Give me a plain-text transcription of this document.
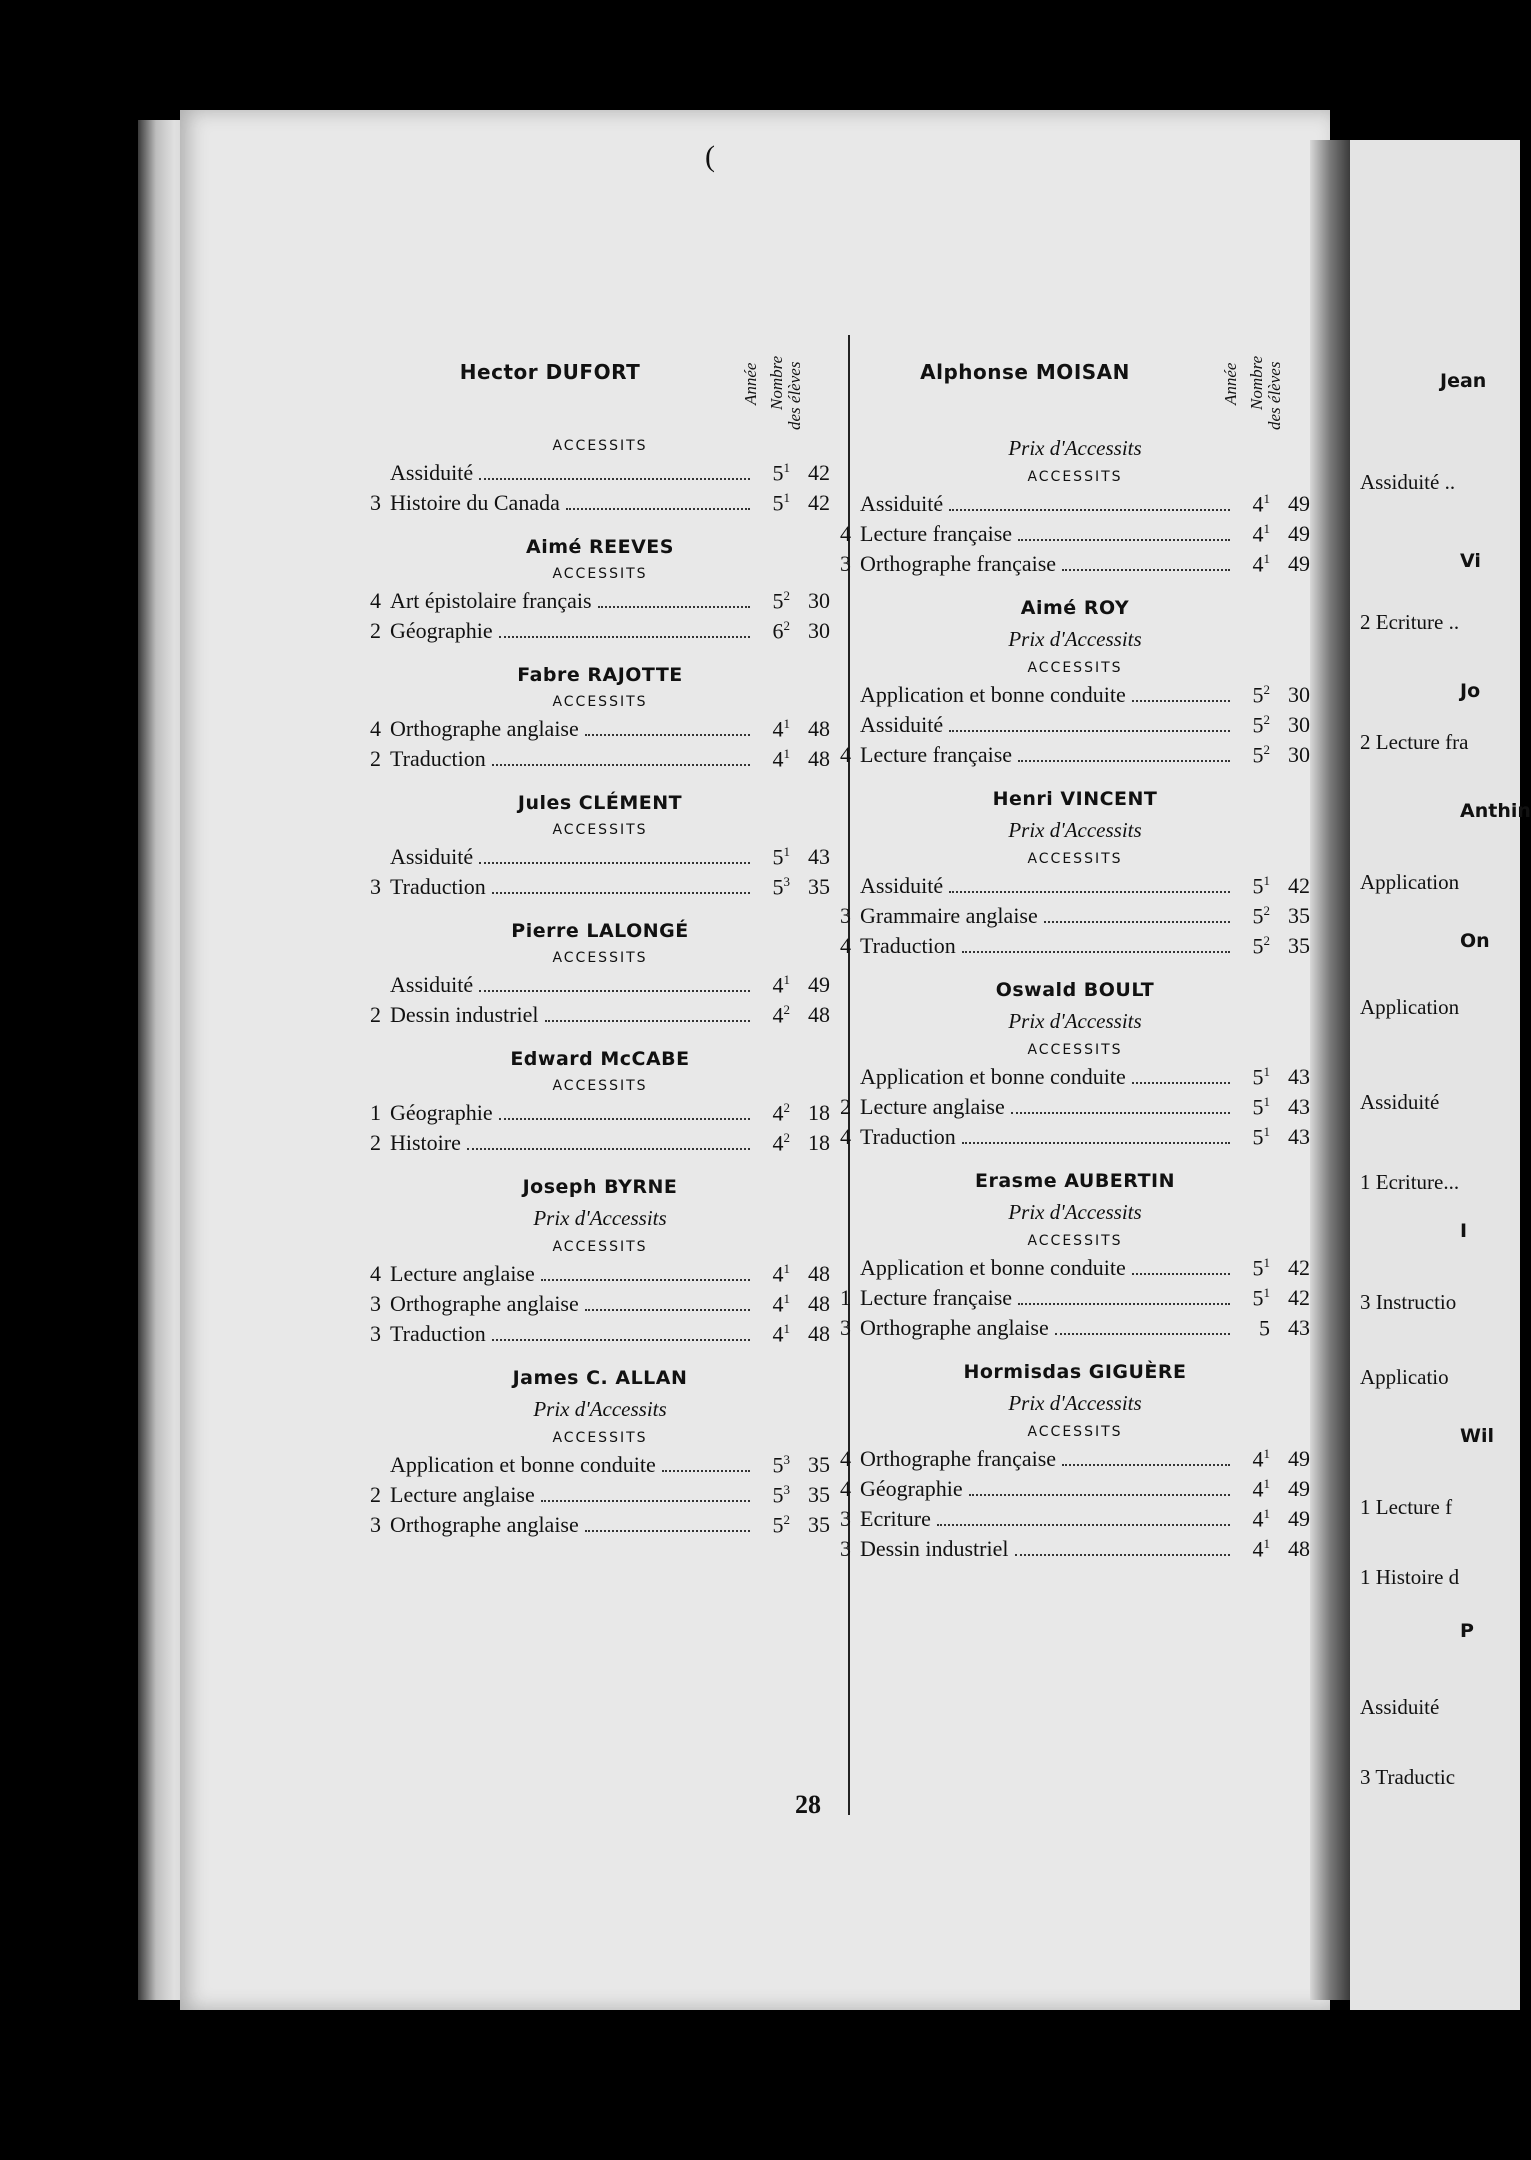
Jean
Assiduité ..
Vi
2 Ecriture ..
Jo
2 Lecture fra
Anthin
Application
On
Application
Assiduité
1 Ecriture...
I
3 Instructio
Applicatio
Wil
1 Lecture f
1 Histoire d
P
Assiduité
3 Traductic
(
Hector DUFORT	Année Nombre des élèves
ACCESSITS
Assiduité	$5^1$ 42
3 Histoire du Canada	$5^1$ 42
Aimé REEVES
ACCESSITS
4 Art épistolaire français	$5^2$ 30
2 Géographie	$6^2$ 30
Fabre RAJOTTE
ACCESSITS
4 Orthographe anglaise	$4^1$ 48
2 Traduction	$4^1$ 48
Jules CLÉMENT
ACCESSITS
Assiduité	$5^1$ 43
3 Traduction	$5^3$ 35
Pierre LALONGÉ
ACCESSITS
Assiduité	$4^1$ 49
2 Dessin industriel	$4^2$ 48
Edward McCABE
ACCESSITS
1 Géographie	$4^2$ 18
2 Histoire	$4^2$ 18
Joseph BYRNE
Prix d'Accessits
ACCESSITS
4 Lecture anglaise	$4^1$ 48
3 Orthographe anglaise	$4^1$ 48
3 Traduction	$4^1$ 48
James C. ALLAN
Prix d'Accessits
ACCESSITS
Application et bonne conduite	$5^3$ 35
2 Lecture anglaise	$5^3$ 35
3 Orthographe anglaise	$5^2$ 35
Alphonse MOISAN	Année Nombre des élèves
Prix d'Accessits
ACCESSITS
Assiduité	$4^1$ 49
4 Lecture française	$4^1$ 49
3 Orthographe française	$4^1$ 49
Aimé ROY
Prix d'Accessits
ACCESSITS
Application et bonne conduite	$5^2$ 30
Assiduité	$5^2$ 30
4 Lecture française	$5^2$ 30
Henri VINCENT
Prix d'Accessits
ACCESSITS
Assiduité	$5^1$ 42
3 Grammaire anglaise	$5^2$ 35
4 Traduction	$5^2$ 35
Oswald BOULT
Prix d'Accessits
ACCESSITS
Application et bonne conduite	$5^1$ 43
2 Lecture anglaise	$5^1$ 43
4 Traduction	$5^1$ 43
Erasme AUBERTIN
Prix d'Accessits
ACCESSITS
Application et bonne conduite	$5^1$ 42
1 Lecture française	$5^1$ 42
3 Orthographe anglaise	5 43
Hormisdas GIGUÈRE
Prix d'Accessits
ACCESSITS
4 Orthographe française	$4^1$ 49
4 Géographie	$4^1$ 49
3 Ecriture	$4^1$ 49
3 Dessin industriel	$4^1$ 48
28
